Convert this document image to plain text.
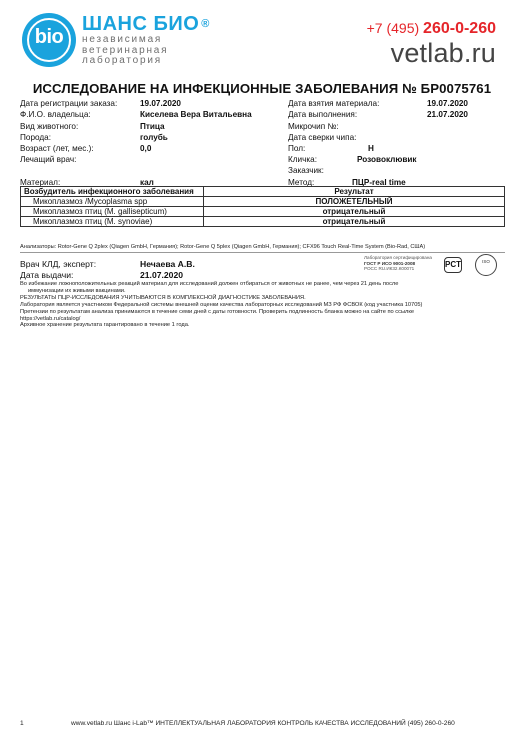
bio
ШАНС БИО ®
независимая
ветеринарная
лаборатория
+7 (495) 260-0-260
vetlab.ru
ИССЛЕДОВАНИЕ НА ИНФЕКЦИОННЫЕ ЗАБОЛЕВАНИЯ № БР0075761
Дата регистрации заказа:	19.07.2020
Ф.И.О. владельца:	Киселева Вера Витальевна
Вид животного:	Птица
Порода:	голубь
Возраст (лет, мес.):	0,0
Лечащий врач:
Материал:	кал
Дата взятия материала:	19.07.2020
Дата выполнения:	21.07.2020
Микрочип №:
Дата сверки чипа:
Пол:	Н
Кличка:	Розовоклювик
Заказчик:
Метод:	ПЦР-real time
Возбудитель инфекционного заболевания	Результат
Микоплазмоз /Mycoplasma spp	ПОЛОЖЕТЕЛЬНЫЙ
Микоплазмоз птиц (M. gallisepticum)	отрицательный
Микоплазмоз птиц (M. synoviae)	отрицательный
Анализаторы: Rotor-Gene Q 2plex (Qiagen GmbH, Германия); Rotor-Gene Q 5plex (Qiagen GmbH, Германия); CFX96 Touch Real-Time System (Bio-Rad, США)
Лаборатория сертифицирована
ГОСТ Р ИСО 9001-2008
РОСС RU.ИК32.К00071	PCT	ISO
Врач КЛД, эксперт:	Нечаева А.В.
Дата выдачи:	21.07.2020

Во избежание ложноположительных реакций материал для исследований должен отбираться от животных не ранее, чем через 21 день после

иммунизации их живыми вакцинами.

РЕЗУЛЬТАТЫ ПЦР-ИССЛЕДОВАНИЯ УЧИТЫВАЮТСЯ В КОМПЛЕКСНОЙ ДИАГНОСТИКЕ ЗАБОЛЕВАНИЯ.

Лаборатория является участником Федеральной системы внешней оценки качества лабораторных исследований МЗ РФ ФСВОК (код участника 10705)

Претензии по результатам анализа принимаются в течение семи дней с даты готовности. Проверить подлинность бланка можно на сайте по ссылке

https://vetlab.ru/catalog/

Архивное хранение результата гарантировано в течение 1 года.

1	www.vetlab.ru Шанс i-Lab™ ИНТЕЛЛЕКТУАЛЬНАЯ ЛАБОРАТОРИЯ КОНТРОЛЬ КАЧЕСТВА ИССЛЕДОВАНИЙ (495) 260-0-260
